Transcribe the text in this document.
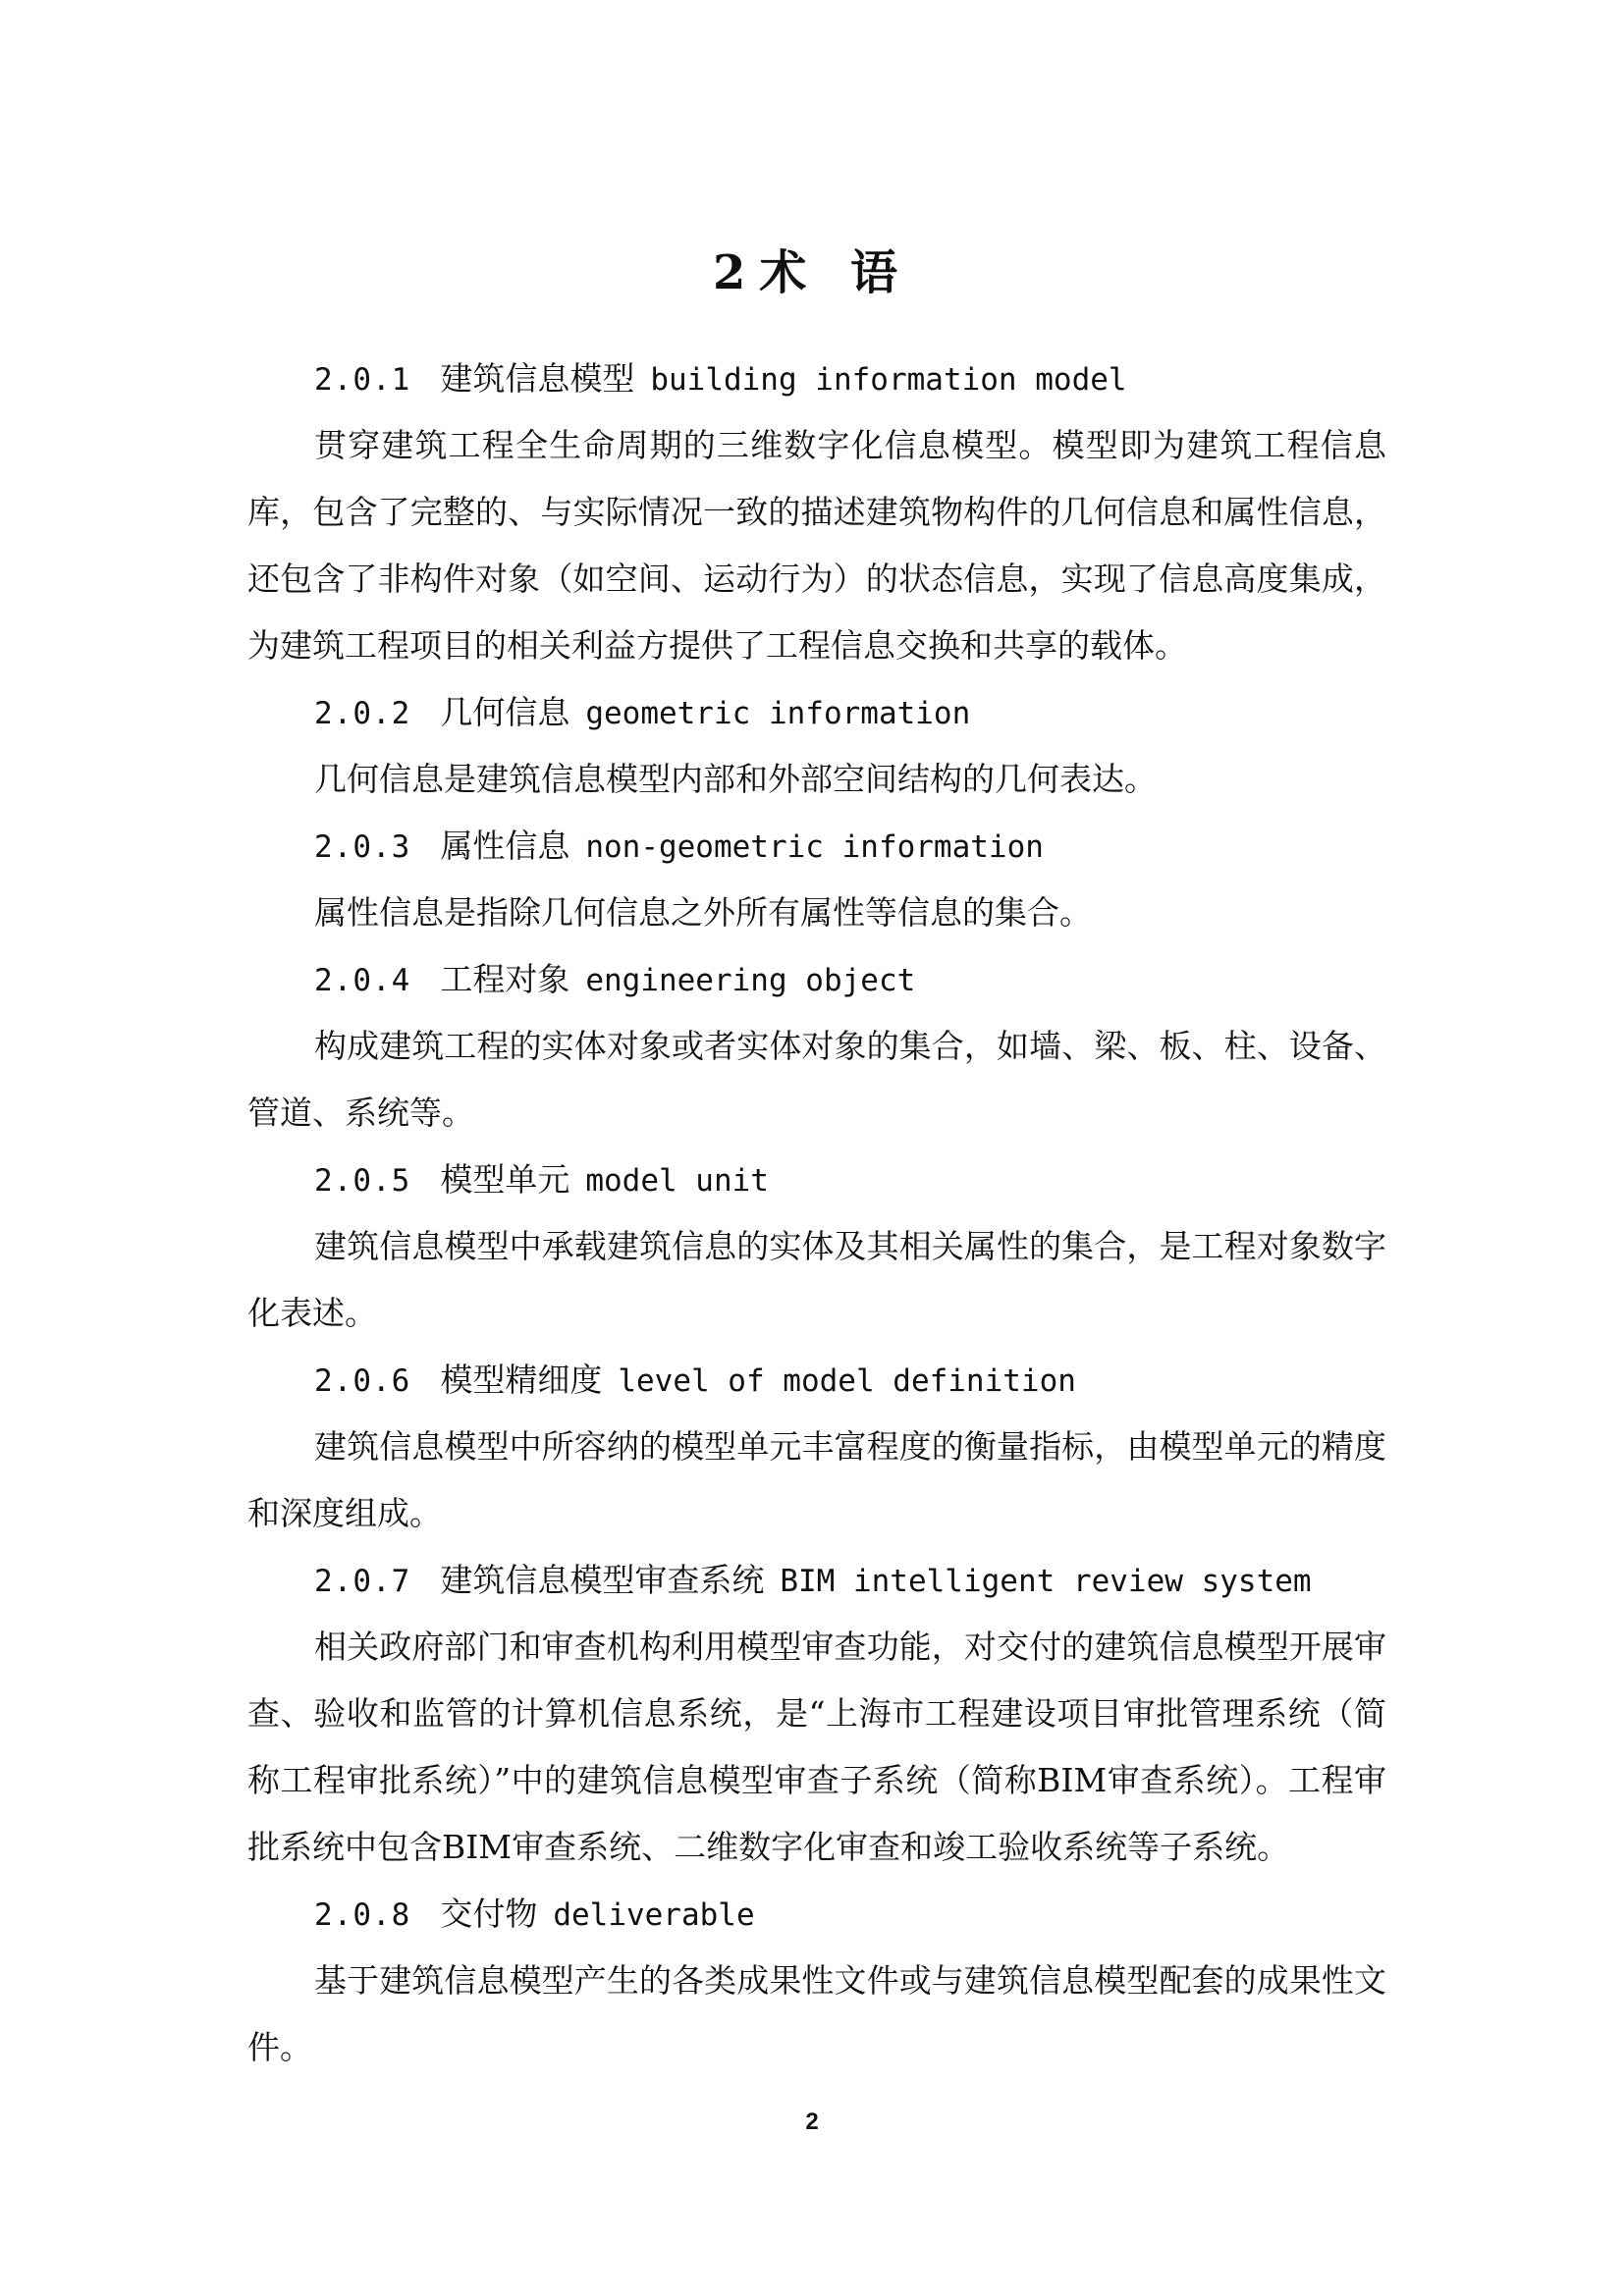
2术 语
2.0.1 建筑信息模型 building information model

贯穿建筑工程全生命周期的三维数字化信息模型。模型即为建筑工程信息库，包含了完整的、与实际情况一致的描述建筑物构件的几何信息和属性信息，还包含了非构件对象（如空间、运动行为）的状态信息，实现了信息高度集成，为建筑工程项目的相关利益方提供了工程信息交换和共享的载体。

2.0.2 几何信息 geometric information

几何信息是建筑信息模型内部和外部空间结构的几何表达。

2.0.3 属性信息 non-geometric information

属性信息是指除几何信息之外所有属性等信息的集合。

2.0.4 工程对象 engineering object

构成建筑工程的实体对象或者实体对象的集合，如墙、梁、板、柱、设备、管道、系统等。

2.0.5 模型单元 model unit

建筑信息模型中承载建筑信息的实体及其相关属性的集合，是工程对象数字化表述。

2.0.6 模型精细度 level of model definition

建筑信息模型中所容纳的模型单元丰富程度的衡量指标，由模型单元的精度和深度组成。

2.0.7 建筑信息模型审查系统 BIM intelligent review system

相关政府部门和审查机构利用模型审查功能，对交付的建筑信息模型开展审查、验收和监管的计算机信息系统，是“上海市工程建设项目审批管理系统（简称工程审批系统）”中的建筑信息模型审查子系统（简称BIM审查系统）。工程审批系统中包含BIM审查系统、二维数字化审查和竣工验收系统等子系统。

2.0.8 交付物 deliverable

基于建筑信息模型产生的各类成果性文件或与建筑信息模型配套的成果性文件。

2
